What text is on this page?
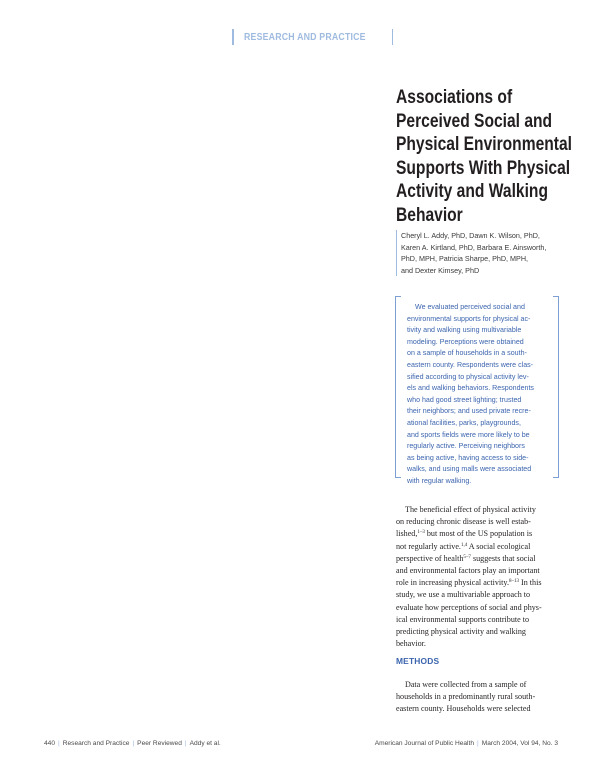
RESEARCH AND PRACTICE
Associations of
Perceived Social and
Physical Environmental
Supports With Physical
Activity and Walking
Behavior
Cheryl L. Addy, PhD, Dawn K. Wilson, PhD,
Karen A. Kirtland, PhD, Barbara E. Ainsworth,
PhD, MPH, Patricia Sharpe, PhD, MPH,
and Dexter Kimsey, PhD
We evaluated perceived social and
environmental supports for physical ac-
tivity and walking using multivariable
modeling. Perceptions were obtained
on a sample of households in a south-
eastern county. Respondents were clas-
sified according to physical activity lev-
els and walking behaviors. Respondents
who had good street lighting; trusted
their neighbors; and used private recre-
ational facilities, parks, playgrounds,
and sports fields were more likely to be
regularly active. Perceiving neighbors
as being active, having access to side-
walks, and using malls were associated
with regular walking.
The beneficial effect of physical activity
on reducing chronic disease is well estab-
lished,$^{1-3}$ but most of the US population is
not regularly active.$^{1,4}$ A social ecological
perspective of health$^{5-7}$ suggests that social
and environmental factors play an important
role in increasing physical activity.$^{8-13}$ In this
study, we use a multivariable approach to
evaluate how perceptions of social and phys-
ical environmental supports contribute to
predicting physical activity and walking
behavior.
METHODS
Data were collected from a sample of
households in a predominantly rural south-
eastern county. Households were selected
440 | Research and Practice | Peer Reviewed | Addy et al.	American Journal of Public Health | March 2004, Vol 94, No. 3
